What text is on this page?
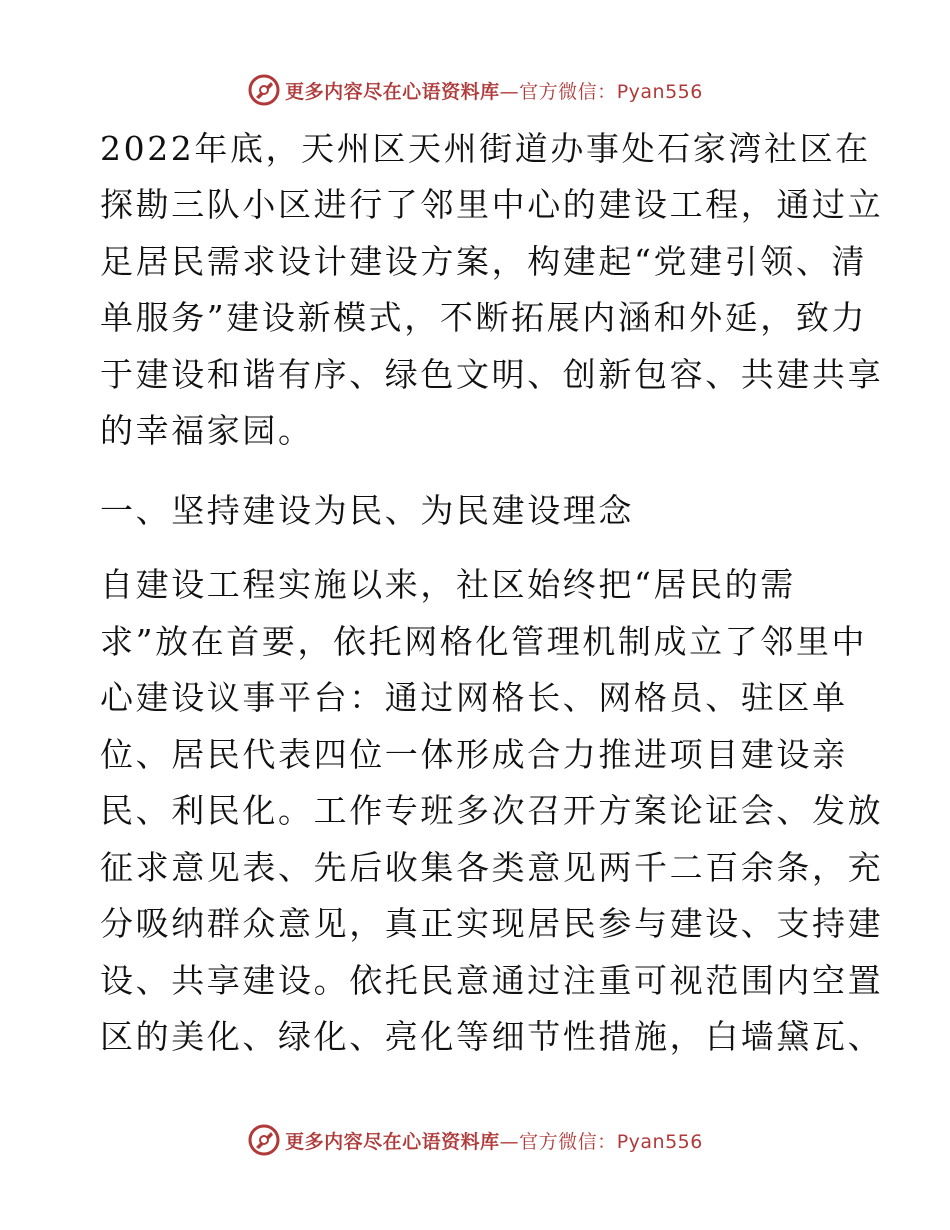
更多内容尽在心语资料库—官方微信：Pyan556
2022年底，天州区天州街道办事处石家湾社区在
探勘三队小区进行了邻里中心的建设工程，通过立
足居民需求设计建设方案，构建起“党建引领、清
单服务”建设新模式，不断拓展内涵和外延，致力
于建设和谐有序、绿色文明、创新包容、共建共享
的幸福家园。
一、坚持建设为民、为民建设理念
自建设工程实施以来，社区始终把“居民的需
求”放在首要，依托网格化管理机制成立了邻里中
心建设议事平台：通过网格长、网格员、驻区单
位、居民代表四位一体形成合力推进项目建设亲
民、利民化。工作专班多次召开方案论证会、发放
征求意见表、先后收集各类意见两千二百余条，充
分吸纳群众意见，真正实现居民参与建设、支持建
设、共享建设。依托民意通过注重可视范围内空置
区的美化、绿化、亮化等细节性措施，白墙黛瓦、
更多内容尽在心语资料库—官方微信：Pyan556
